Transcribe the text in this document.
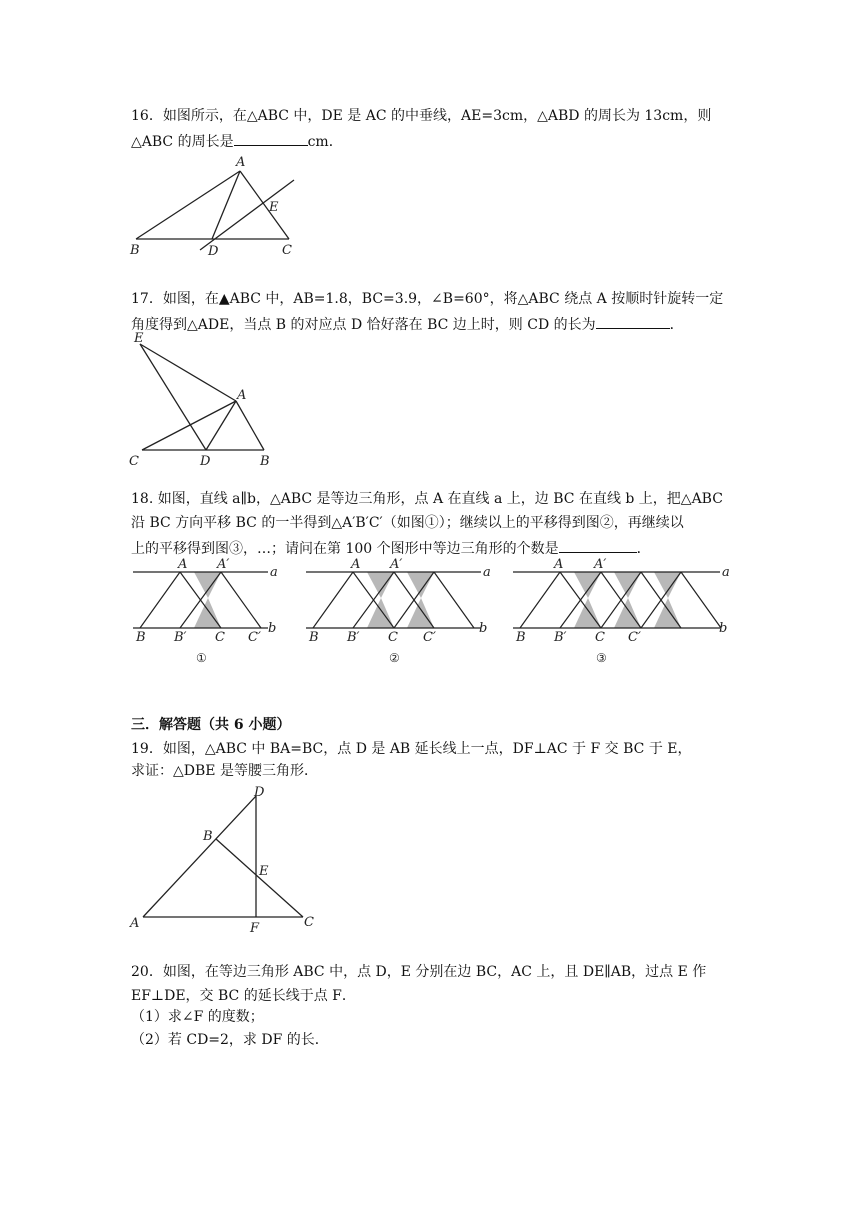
16．如图所示，在△ABC 中，DE 是 AC 的中垂线，AE=3cm，△ABD 的周长为 13cm，则
△ABC 的周长是	cm．
A
B	C
D
E
17．如图，在▲ABC 中，AB=1.8，BC=3.9，∠B=60°，将△ABC 绕点 A 按顺时针旋转一定
角度得到△ADE，当点 B 的对应点 D 恰好落在 BC 边上时，则 CD 的长为	．
E
A
C	D	B
18. 如图，直线 a∥b，△ABC 是等边三角形，点 A 在直线 a 上，边 BC 在直线 b 上，把△ABC
沿 BC 方向平移 BC 的一半得到△A′B′C′（如图①）；继续以上的平移得到图②，再继续以
上的平移得到图③，…；请问在第 100 个图形中等边三角形的个数是	．
A A′
a
B B′ C C′
b
①
A A′
a
B B′ C C′
b
②
A A′
a
B B′ C C′
b
③
三．解答题（共 6 小题）
19．如图，△ABC 中 BA=BC，点 D 是 AB 延长线上一点，DF⊥AC 于 F 交 BC 于 E，
求证：△DBE 是等腰三角形．
D
B
E
A	F	C
20．如图，在等边三角形 ABC 中，点 D，E 分别在边 BC，AC 上，且 DE∥AB，过点 E 作
EF⊥DE，交 BC 的延长线于点 F．
（1）求∠F 的度数；
（2）若 CD=2，求 DF 的长．
